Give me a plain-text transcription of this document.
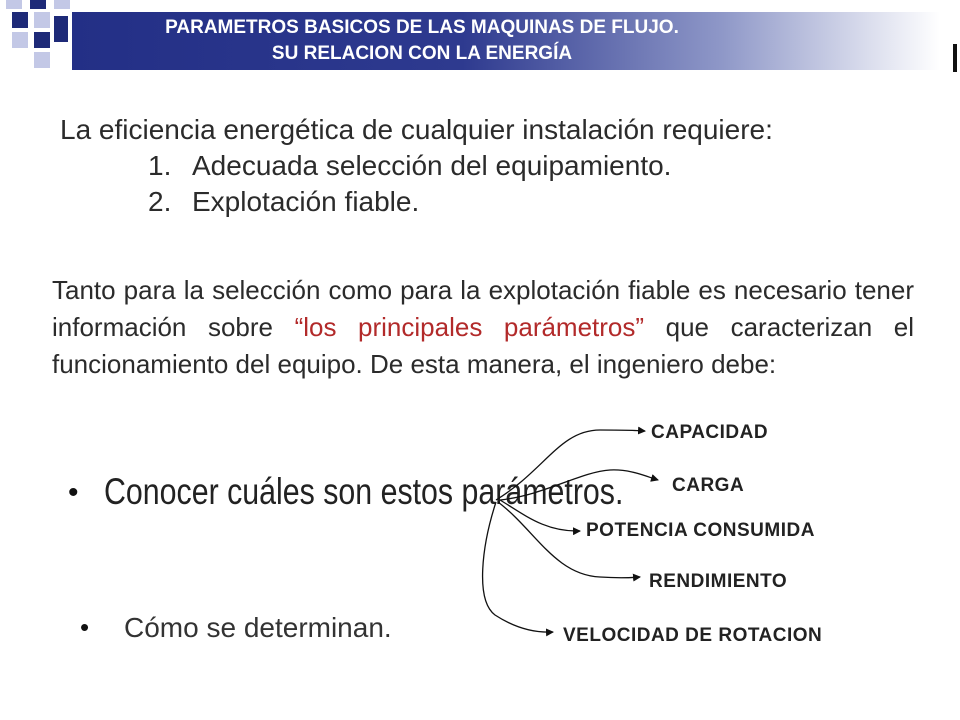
PARAMETROS BASICOS DE LAS MAQUINAS DE FLUJO.
SU RELACION CON LA ENERGÍA
La eficiencia energética de cualquier instalación requiere:
1. Adecuada selección del equipamiento.
2. Explotación fiable.
Tanto para la selección como para la explotación fiable es necesario tener información sobre “los principales parámetros” que caracterizan el funcionamiento del equipo. De esta manera, el ingeniero debe:
• Conocer cuáles son estos parámetros.
• Cómo se determinan.
CAPACIDAD
CARGA
POTENCIA CONSUMIDA
RENDIMIENTO
VELOCIDAD DE ROTACION
